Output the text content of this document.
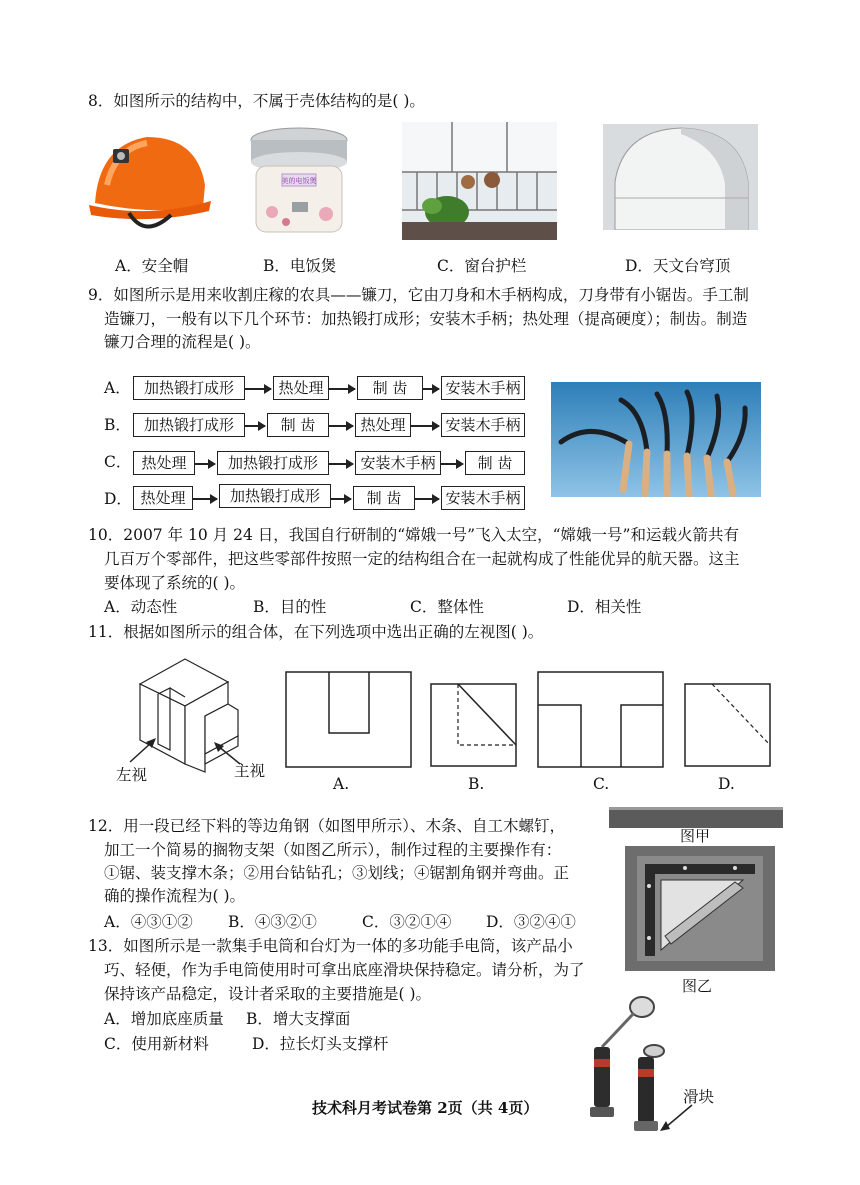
8．如图所示的结构中，不属于壳体结构的是( )。
美的电饭煲
A．安全帽	B．电饭煲	C．窗台护栏	D．天文台穹顶
9．如图所示是用来收割庄稼的农具——镰刀，它由刀身和木手柄构成，刀身带有小锯齿。手工制
造镰刀，一般有以下几个环节：加热锻打成形；安装木手柄；热处理（提高硬度）；制齿。制造
镰刀合理的流程是( )。
A． 加热锻打成形	热处理	制 齿	安装木手柄
B． 加热锻打成形	制 齿	热处理	安装木手柄
C． 热处理	加热锻打成形	安装木手柄	制 齿
D． 热处理	加热锻打成形	制 齿	安装木手柄
10．2007 年 10 月 24 日，我国自行研制的“嫦娥一号”飞入太空，“嫦娥一号”和运载火箭共有
几百万个零部件，把这些零部件按照一定的结构组合在一起就构成了性能优异的航天器。这主
要体现了系统的( )。
A．动态性	B．目的性	C．整体性	D．相关性
11．根据如图所示的组合体，在下列选项中选出正确的左视图( )。
左视	主视
A.	B.	C.	D.
12．用一段已经下料的等边角钢（如图甲所示）、木条、自工木螺钉，
加工一个简易的搁物支架（如图乙所示），制作过程的主要操作有：
①锯、装支撑木条；②用台钻钻孔；③划线；④锯割角钢并弯曲。正
确的操作流程为( )。
A．④③①② B．④③②①	C．③②①④ D．③②④①
图甲
图乙
13．如图所示是一款集手电筒和台灯为一体的多功能手电筒，该产品小
巧、轻便，作为手电筒使用时可拿出底座滑块保持稳定。请分析，为了
保持该产品稳定，设计者采取的主要措施是( )。
A．增加底座质量 B．增大支撑面
C．使用新材料	D．拉长灯头支撑杆
滑块
技术科月考试卷第 2页（共 4页）
